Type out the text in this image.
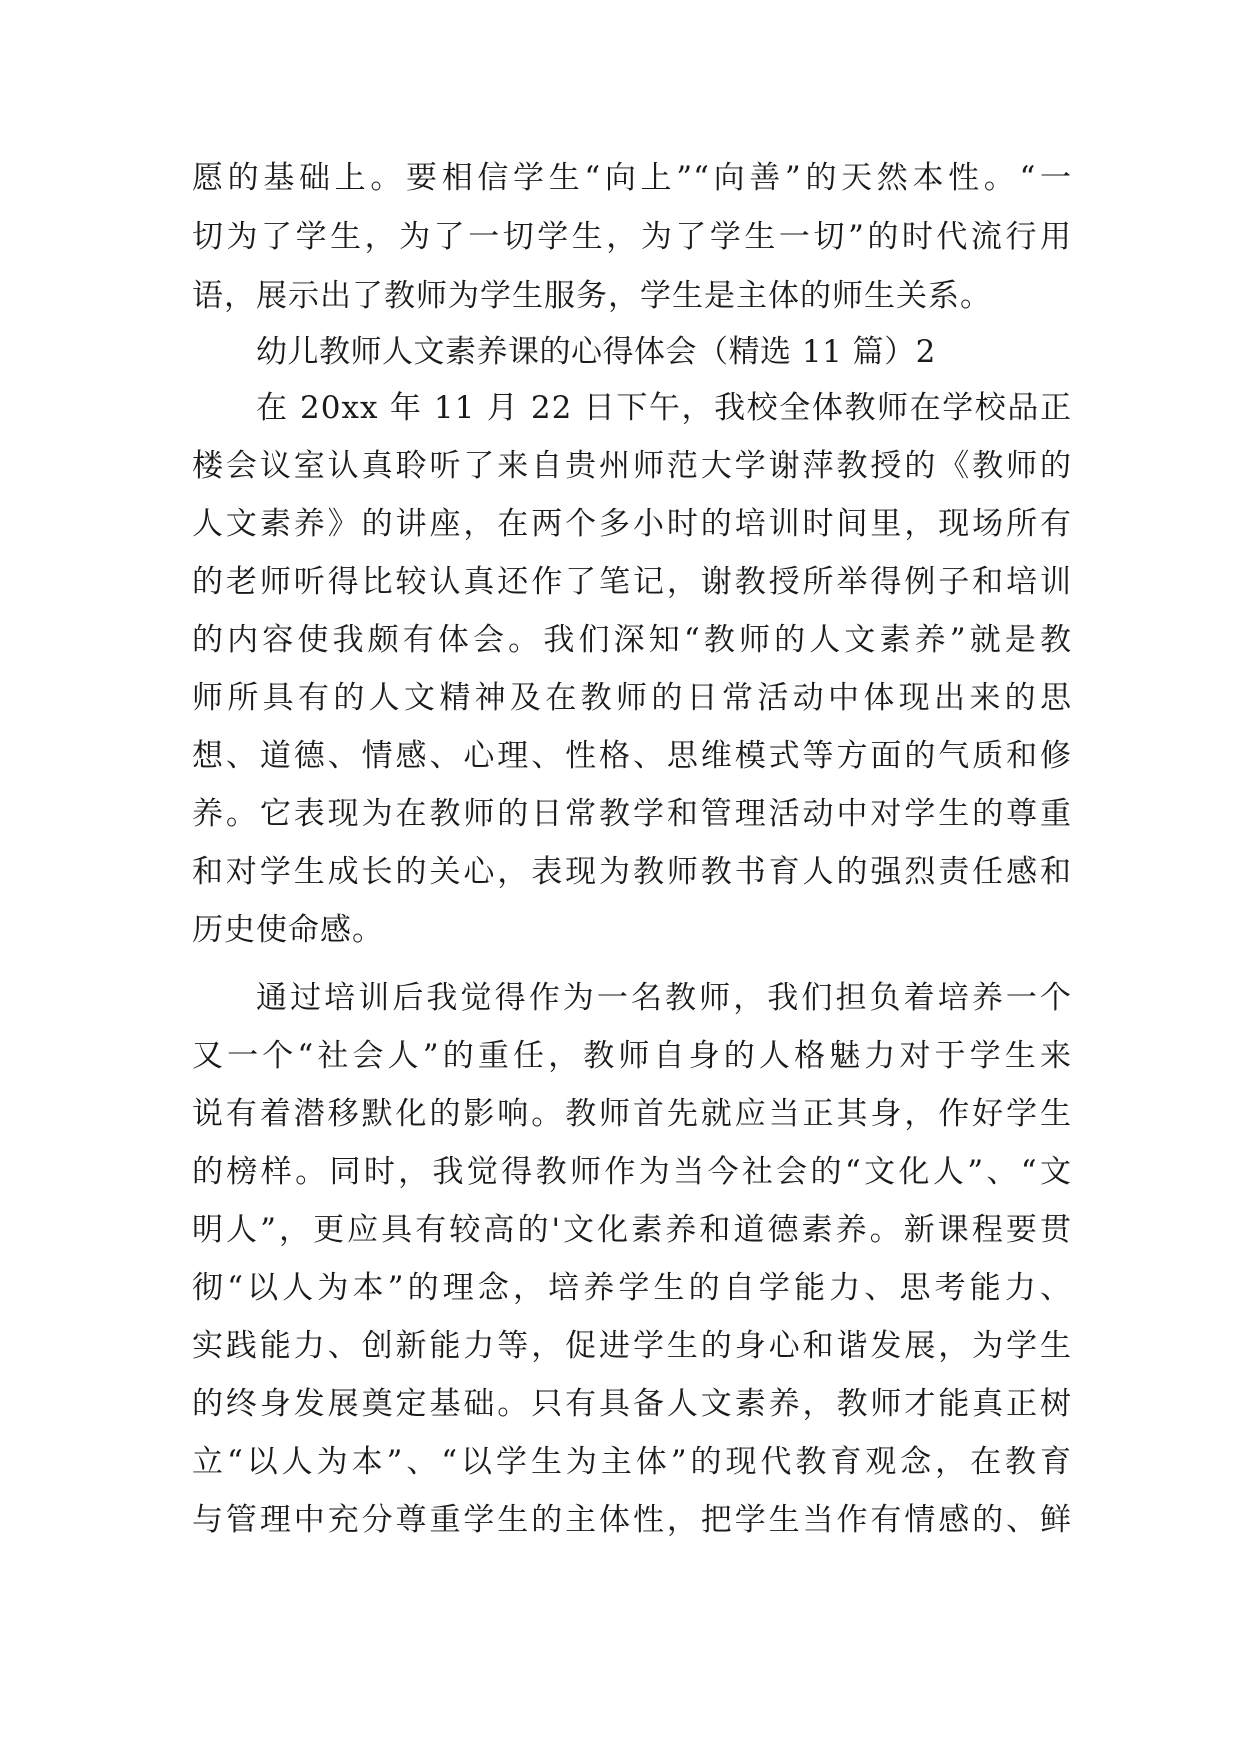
愿的基础上。要相信学生“向上”“向善”的天然本性。“一
切为了学生，为了一切学生，为了学生一切”的时代流行用
语，展示出了教师为学生服务，学生是主体的师生关系。
幼儿教师人文素养课的心得体会（精选 11 篇）2
在 20xx 年 11 月 22 日下午，我校全体教师在学校品正
楼会议室认真聆听了来自贵州师范大学谢萍教授的《教师的
人文素养》的讲座，在两个多小时的培训时间里，现场所有
的老师听得比较认真还作了笔记，谢教授所举得例子和培训
的内容使我颇有体会。我们深知“教师的人文素养”就是教
师所具有的人文精神及在教师的日常活动中体现出来的思
想、道德、情感、心理、性格、思维模式等方面的气质和修
养。它表现为在教师的日常教学和管理活动中对学生的尊重
和对学生成长的关心，表现为教师教书育人的强烈责任感和
历史使命感。
通过培训后我觉得作为一名教师，我们担负着培养一个
又一个“社会人”的重任，教师自身的人格魅力对于学生来
说有着潜移默化的影响。教师首先就应当正其身，作好学生
的榜样。同时，我觉得教师作为当今社会的“文化人”、“文
明人”，更应具有较高的'文化素养和道德素养。新课程要贯
彻“以人为本”的理念，培养学生的自学能力、思考能力、
实践能力、创新能力等，促进学生的身心和谐发展，为学生
的终身发展奠定基础。只有具备人文素养，教师才能真正树
立“以人为本”、“以学生为主体”的现代教育观念，在教育
与管理中充分尊重学生的主体性，把学生当作有情感的、鲜
